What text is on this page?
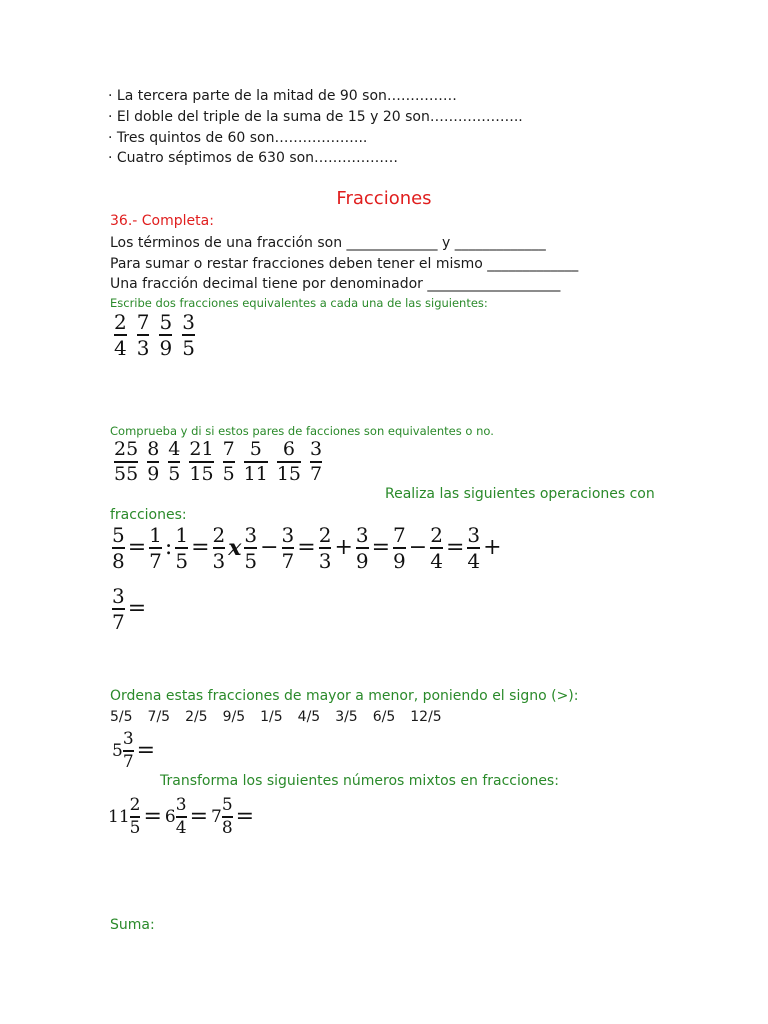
· La tercera parte de la mitad de 90 son……………
· El doble del triple de la suma de 15 y 20 son………………..
· Tres quintos de 60 son………………..
· Cuatro séptimos de 630 son………………
Fracciones
36.- Completa:
Los términos de una fracción son _____________ y _____________
Para sumar o restar fracciones deben tener el mismo _____________
Una fracción decimal tiene por denominador ___________________
Escribe dos fracciones equivalentes a cada una de las siguientes:
$\frac{2}{4} \frac{7}{3} \frac{5}{9} \frac{3}{5}$
Comprueba y di si estos pares de facciones son equivalentes o no.
$\frac{25}{55} \frac{8}{9} \frac{4}{5} \frac{21}{15} \frac{7}{5} \frac{5}{11} \frac{6}{15} \frac{3}{7}$
Realiza las siguientes operaciones con
fracciones:
$\frac{5}{8} = \frac{1}{7}$ : $\frac{1}{5} = \frac{2}{3}$ x $\frac{3}{5} - \frac{3}{7} = \frac{2}{3} + \frac{3}{9} = \frac{7}{9} - \frac{2}{4} = \frac{3}{4}$ +
$\frac{3}{7}$ =
Ordena estas fracciones de mayor a menor, poniendo el signo (>):
5/5 7/5 2/5 9/5 1/5 4/5 3/5 6/5 12/5
$5 \frac{3}{7}$ =
Transforma los siguientes números mixtos en fracciones:
$11 \frac{2}{5} = 6 \frac{3}{4} = 7 \frac{5}{8}$ =
Suma:
